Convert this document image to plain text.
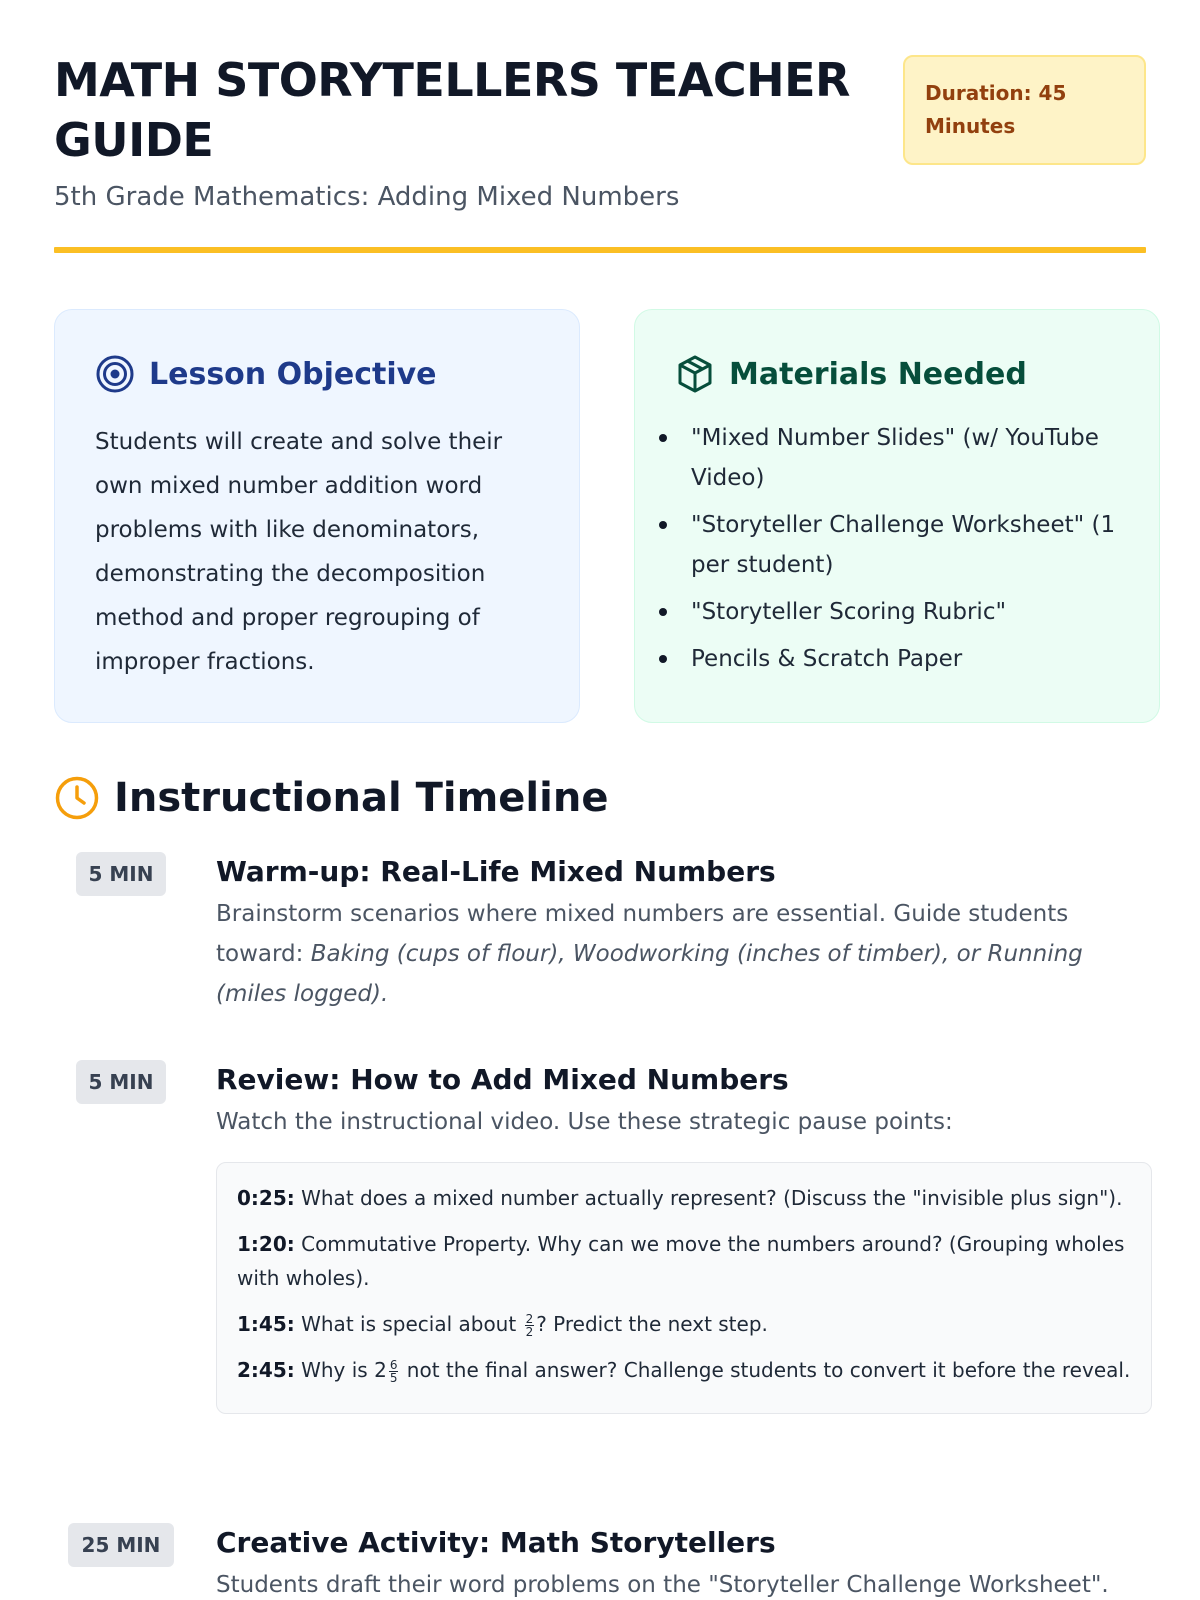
MATH STORYTELLERS TEACHER GUIDE
5th Grade Mathematics: Adding Mixed Numbers
Duration: 45 Minutes
Lesson Objective

Students will create and solve their own mixed number addition word problems with like denominators, demonstrating the decomposition method and proper regrouping of improper fractions.

Materials Needed
"Mixed Number Slides" (w/ YouTube Video)
"Storyteller Challenge Worksheet" (1 per student)
"Storyteller Scoring Rubric"
Pencils & Scratch Paper
Instructional Timeline
5 MIN	Warm-up: Real-Life Mixed Numbers
Brainstorm scenarios where mixed numbers are essential. Guide students toward: Baking (cups of flour), Woodworking (inches of timber), or Running (miles logged).
5 MIN	Review: How to Add Mixed Numbers
Watch the instructional video. Use these strategic pause points:
0:25: What does a mixed number actually represent? (Discuss the "invisible plus sign").
1:20: Commutative Property. Why can we move the numbers around? (Grouping wholes with wholes).
1:45: What is special about $\frac{2}{2}$ ? Predict the next step.
2:45: Why is $2 \frac{6}{5}$ not the final answer? Challenge students to convert it before the reveal.
25 MIN	Creative Activity: Math Storytellers
Students draft their word problems on the "Storyteller Challenge Worksheet".
